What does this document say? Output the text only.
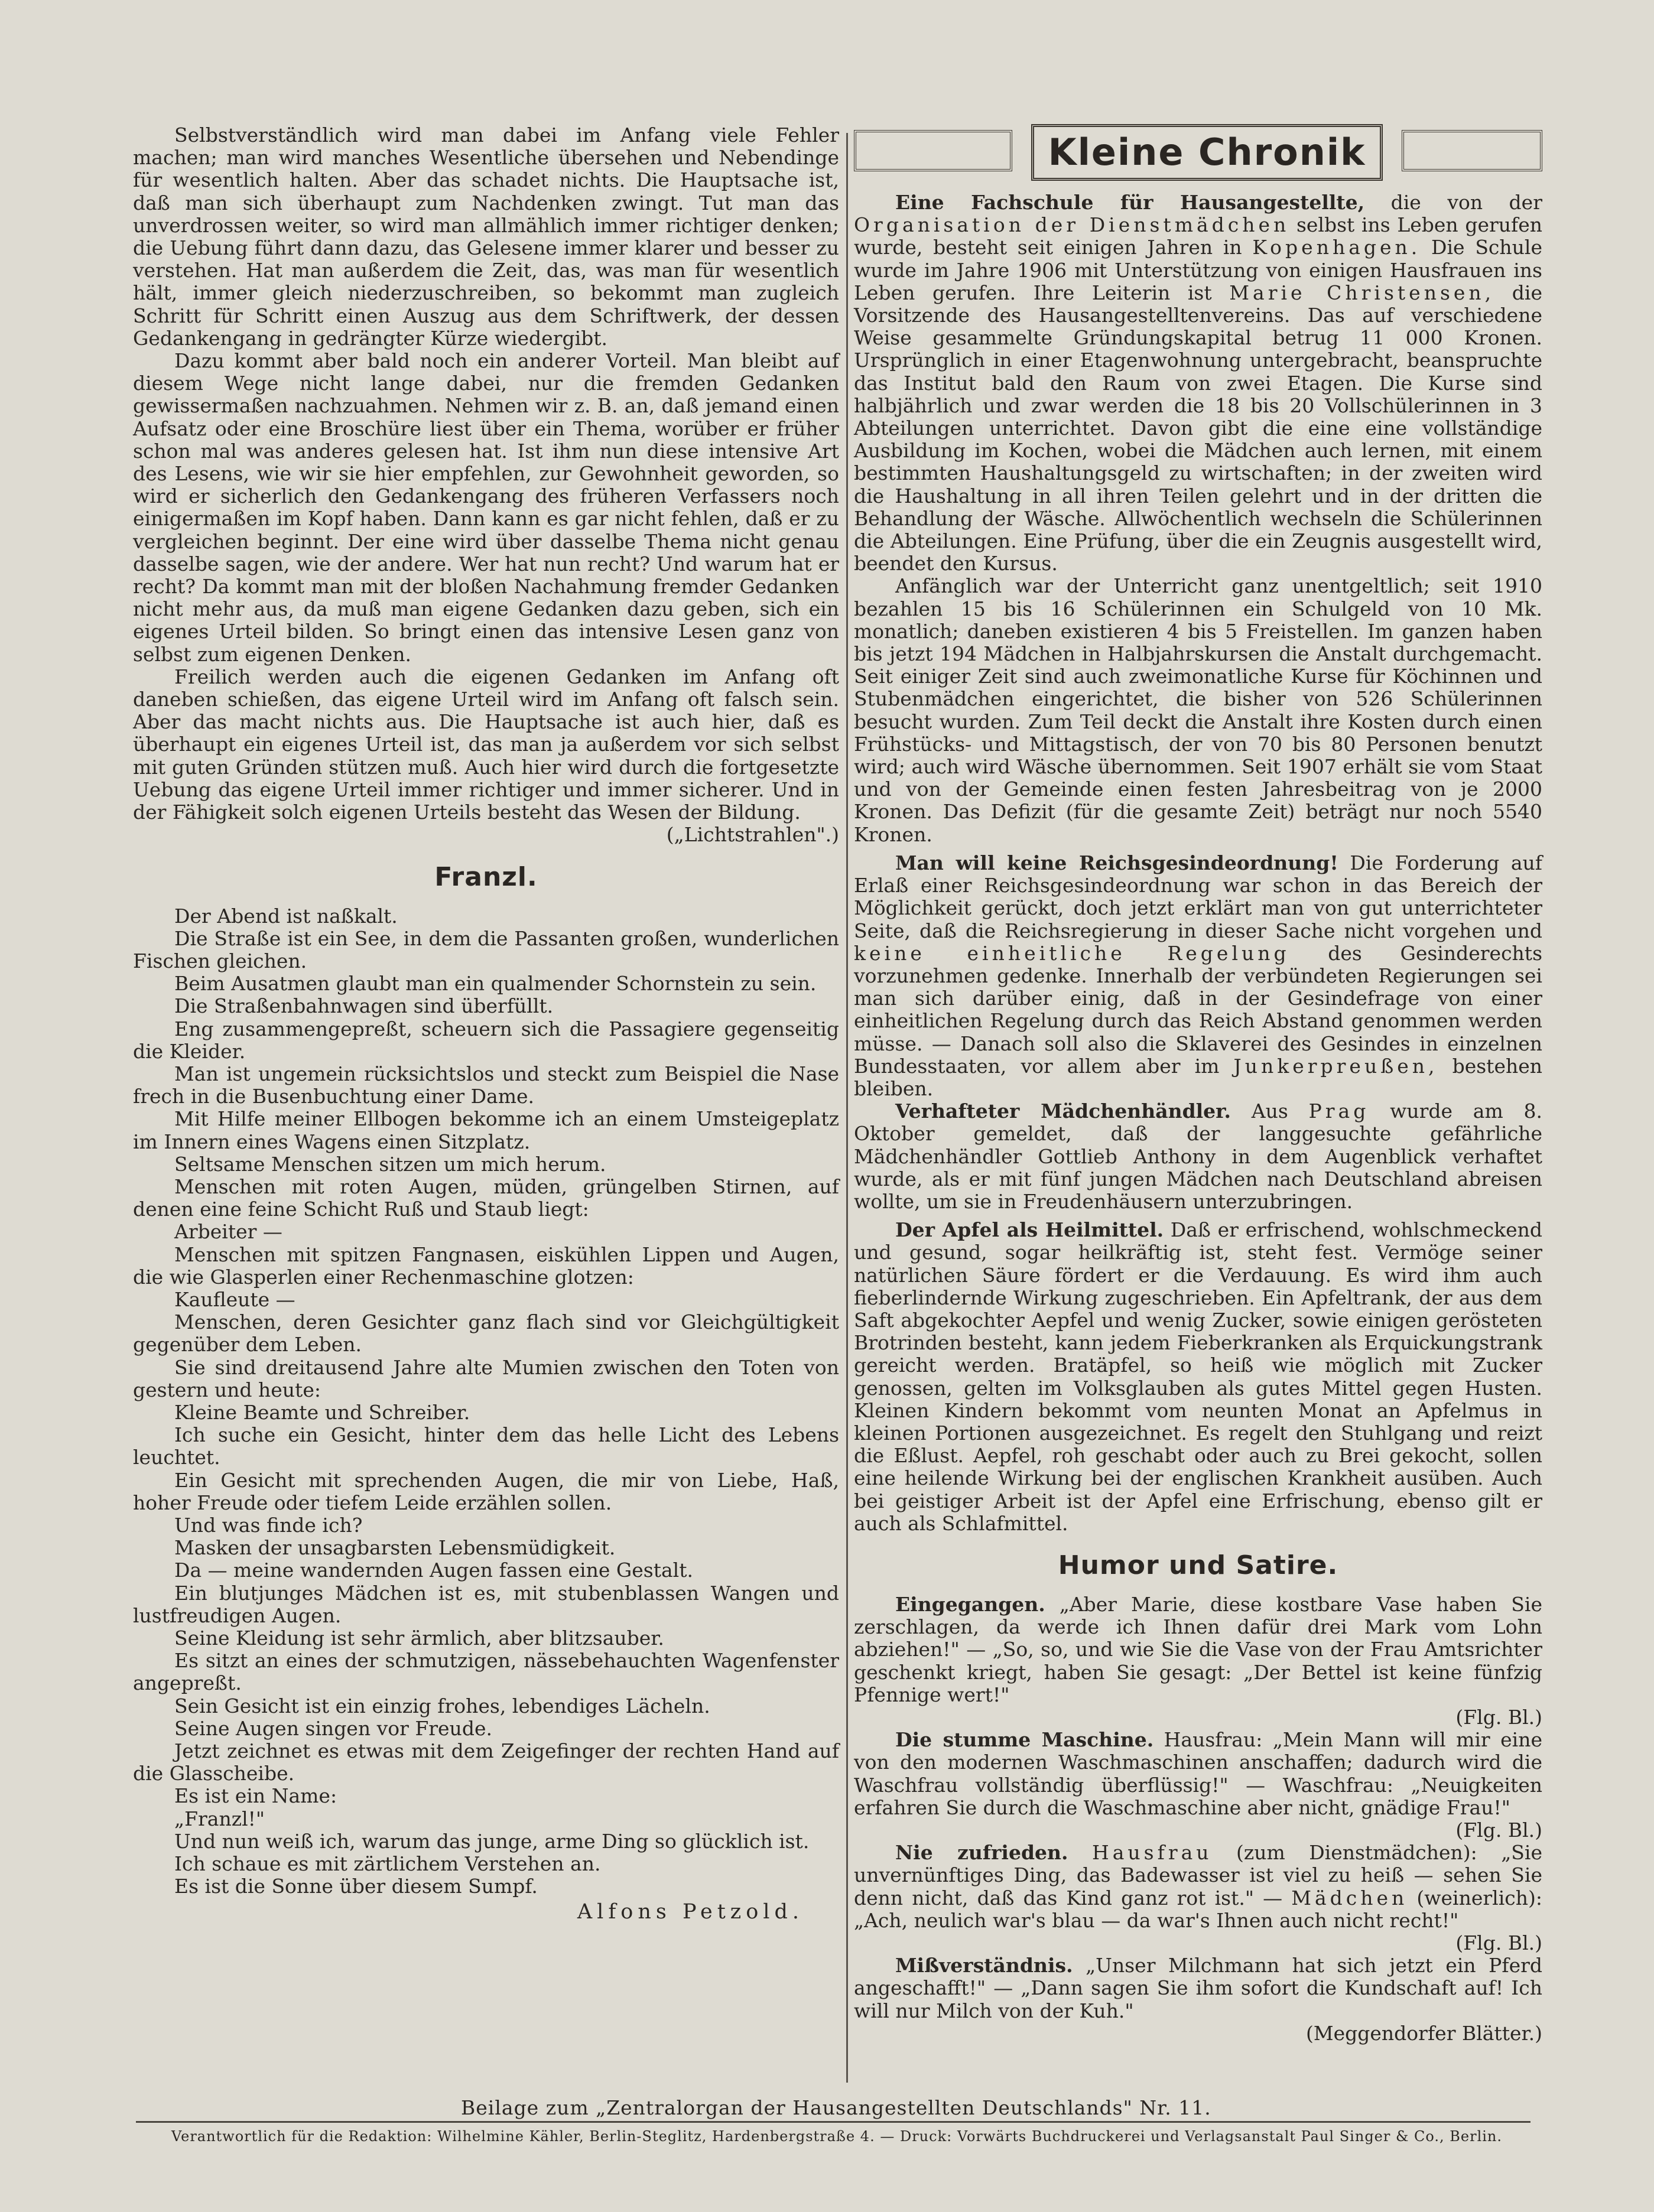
Selbstverständlich wird man dabei im Anfang viele Fehler machen; man wird manches Wesentliche übersehen und Nebendinge für wesentlich halten. Aber das schadet nichts. Die Hauptsache ist, daß man sich überhaupt zum Nachdenken zwingt. Tut man das unverdrossen weiter, so wird man allmählich immer richtiger denken; die Uebung führt dann dazu, das Gelesene immer klarer und besser zu verstehen. Hat man außerdem die Zeit, das, was man für wesentlich hält, immer gleich niederzuschreiben, so bekommt man zugleich Schritt für Schritt einen Auszug aus dem Schriftwerk, der dessen Gedankengang in gedrängter Kürze wiedergibt.

Dazu kommt aber bald noch ein anderer Vorteil. Man bleibt auf diesem Wege nicht lange dabei, nur die fremden Gedanken gewissermaßen nachzuahmen. Nehmen wir z. B. an, daß jemand einen Aufsatz oder eine Broschüre liest über ein Thema, worüber er früher schon mal was anderes gelesen hat. Ist ihm nun diese intensive Art des Lesens, wie wir sie hier empfehlen, zur Gewohnheit geworden, so wird er sicherlich den Gedankengang des früheren Verfassers noch einigermaßen im Kopf haben. Dann kann es gar nicht fehlen, daß er zu vergleichen beginnt. Der eine wird über dasselbe Thema nicht genau dasselbe sagen, wie der andere. Wer hat nun recht? Und warum hat er recht? Da kommt man mit der bloßen Nachahmung fremder Gedanken nicht mehr aus, da muß man eigene Gedanken dazu geben, sich ein eigenes Urteil bilden. So bringt einen das intensive Lesen ganz von selbst zum eigenen Denken.

Freilich werden auch die eigenen Gedanken im Anfang oft daneben schießen, das eigene Urteil wird im Anfang oft falsch sein. Aber das macht nichts aus. Die Hauptsache ist auch hier, daß es überhaupt ein eigenes Urteil ist, das man ja außerdem vor sich selbst mit guten Gründen stützen muß. Auch hier wird durch die fortgesetzte Uebung das eigene Urteil immer richtiger und immer sicherer. Und in der Fähigkeit solch eigenen Urteils besteht das Wesen der Bildung.
(„Lichtstrahlen".)

Franzl.

Der Abend ist naßkalt.

Die Straße ist ein See, in dem die Passanten großen, wunderlichen Fischen gleichen.

Beim Ausatmen glaubt man ein qualmender Schornstein zu sein.

Die Straßenbahnwagen sind überfüllt.

Eng zusammengepreßt, scheuern sich die Passagiere gegenseitig die Kleider.

Man ist ungemein rücksichtslos und steckt zum Beispiel die Nase frech in die Busenbuchtung einer Dame.

Mit Hilfe meiner Ellbogen bekomme ich an einem Umsteigeplatz im Innern eines Wagens einen Sitzplatz.

Seltsame Menschen sitzen um mich herum.

Menschen mit roten Augen, müden, grüngelben Stirnen, auf denen eine feine Schicht Ruß und Staub liegt:

Arbeiter —

Menschen mit spitzen Fangnasen, eiskühlen Lippen und Augen, die wie Glasperlen einer Rechenmaschine glotzen:

Kaufleute —

Menschen, deren Gesichter ganz flach sind vor Gleichgültigkeit gegenüber dem Leben.

Sie sind dreitausend Jahre alte Mumien zwischen den Toten von gestern und heute:

Kleine Beamte und Schreiber.

Ich suche ein Gesicht, hinter dem das helle Licht des Lebens leuchtet.

Ein Gesicht mit sprechenden Augen, die mir von Liebe, Haß, hoher Freude oder tiefem Leide erzählen sollen.

Und was finde ich?

Masken der unsagbarsten Lebensmüdigkeit.

Da — meine wandernden Augen fassen eine Gestalt.

Ein blutjunges Mädchen ist es, mit stubenblassen Wangen und lustfreudigen Augen.

Seine Kleidung ist sehr ärmlich, aber blitzsauber.

Es sitzt an eines der schmutzigen, nässebehauchten Wagenfenster angepreßt.

Sein Gesicht ist ein einzig frohes, lebendiges Lächeln.

Seine Augen singen vor Freude.

Jetzt zeichnet es etwas mit dem Zeigefinger der rechten Hand auf die Glasscheibe.

Es ist ein Name:

„Franzl!"

Und nun weiß ich, warum das junge, arme Ding so glücklich ist.

Ich schaue es mit zärtlichem Verstehen an.

Es ist die Sonne über diesem Sumpf.

Alfons Petzold.
Kleine Chronik

Eine Fachschule für Hausangestellte, die von der Organisation der Dienstmädchen selbst ins Leben gerufen wurde, besteht seit einigen Jahren in Kopenhagen. Die Schule wurde im Jahre 1906 mit Unterstützung von einigen Hausfrauen ins Leben gerufen. Ihre Leiterin ist Marie Christensen, die Vorsitzende des Hausangestelltenvereins. Das auf verschiedene Weise gesammelte Gründungskapital betrug 11 000 Kronen. Ursprünglich in einer Etagenwohnung untergebracht, beanspruchte das Institut bald den Raum von zwei Etagen. Die Kurse sind halbjährlich und zwar werden die 18 bis 20 Vollschülerinnen in 3 Abteilungen unterrichtet. Davon gibt die eine eine vollständige Ausbildung im Kochen, wobei die Mädchen auch lernen, mit einem bestimmten Haushaltungsgeld zu wirtschaften; in der zweiten wird die Haushaltung in all ihren Teilen gelehrt und in der dritten die Behandlung der Wäsche. Allwöchentlich wechseln die Schülerinnen die Abteilungen. Eine Prüfung, über die ein Zeugnis ausgestellt wird, beendet den Kursus.

Anfänglich war der Unterricht ganz unentgeltlich; seit 1910 bezahlen 15 bis 16 Schülerinnen ein Schulgeld von 10 Mk. monatlich; daneben existieren 4 bis 5 Freistellen. Im ganzen haben bis jetzt 194 Mädchen in Halbjahrskursen die Anstalt durchgemacht. Seit einiger Zeit sind auch zweimonatliche Kurse für Köchinnen und Stubenmädchen eingerichtet, die bisher von 526 Schülerinnen besucht wurden. Zum Teil deckt die Anstalt ihre Kosten durch einen Frühstücks- und Mittagstisch, der von 70 bis 80 Personen benutzt wird; auch wird Wäsche übernommen. Seit 1907 erhält sie vom Staat und von der Gemeinde einen festen Jahresbeitrag von je 2000 Kronen. Das Defizit (für die gesamte Zeit) beträgt nur noch 5540 Kronen.

Man will keine Reichsgesindeordnung! Die Forderung auf Erlaß einer Reichsgesindeordnung war schon in das Bereich der Möglichkeit gerückt, doch jetzt erklärt man von gut unterrichteter Seite, daß die Reichsregierung in dieser Sache nicht vorgehen und keine einheitliche Regelung des Gesinderechts vorzunehmen gedenke. Innerhalb der verbündeten Regierungen sei man sich darüber einig, daß in der Gesindefrage von einer einheitlichen Regelung durch das Reich Abstand genommen werden müsse. — Danach soll also die Sklaverei des Gesindes in einzelnen Bundesstaaten, vor allem aber im Junkerpreußen, bestehen bleiben.

Verhafteter Mädchenhändler. Aus Prag wurde am 8. Oktober gemeldet, daß der langgesuchte gefährliche Mädchenhändler Gottlieb Anthony in dem Augenblick verhaftet wurde, als er mit fünf jungen Mädchen nach Deutschland abreisen wollte, um sie in Freudenhäusern unterzubringen.

Der Apfel als Heilmittel. Daß er erfrischend, wohlschmeckend und gesund, sogar heilkräftig ist, steht fest. Vermöge seiner natürlichen Säure fördert er die Verdauung. Es wird ihm auch fieberlindernde Wirkung zugeschrieben. Ein Apfeltrank, der aus dem Saft abgekochter Aepfel und wenig Zucker, sowie einigen gerösteten Brotrinden besteht, kann jedem Fieberkranken als Erquickungstrank gereicht werden. Bratäpfel, so heiß wie möglich mit Zucker genossen, gelten im Volksglauben als gutes Mittel gegen Husten. Kleinen Kindern bekommt vom neunten Monat an Apfelmus in kleinen Portionen ausgezeichnet. Es regelt den Stuhlgang und reizt die Eßlust. Aepfel, roh geschabt oder auch zu Brei gekocht, sollen eine heilende Wirkung bei der englischen Krankheit ausüben. Auch bei geistiger Arbeit ist der Apfel eine Erfrischung, ebenso gilt er auch als Schlafmittel.

Humor und Satire.

Eingegangen. „Aber Marie, diese kostbare Vase haben Sie zerschlagen, da werde ich Ihnen dafür drei Mark vom Lohn abziehen!" — „So, so, und wie Sie die Vase von der Frau Amtsrichter geschenkt kriegt, haben Sie gesagt: „Der Bettel ist keine fünfzig Pfennige wert!"
(Flg. Bl.)

Die stumme Maschine. Hausfrau: „Mein Mann will mir eine von den modernen Waschmaschinen anschaffen; dadurch wird die Waschfrau vollständig überflüssig!" — Waschfrau: „Neuigkeiten erfahren Sie durch die Waschmaschine aber nicht, gnädige Frau!"
(Flg. Bl.)

Nie zufrieden. Hausfrau (zum Dienstmädchen): „Sie unvernünftiges Ding, das Badewasser ist viel zu heiß — sehen Sie denn nicht, daß das Kind ganz rot ist." — Mädchen (weinerlich): „Ach, neulich war's blau — da war's Ihnen auch nicht recht!"
(Flg. Bl.)

Mißverständnis. „Unser Milchmann hat sich jetzt ein Pferd angeschafft!" — „Dann sagen Sie ihm sofort die Kundschaft auf! Ich will nur Milch von der Kuh."
(Meggendorfer Blätter.)

Beilage zum „Zentralorgan der Hausangestellten Deutschlands" Nr. 11.
Verantwortlich für die Redaktion: Wilhelmine Kähler, Berlin-Steglitz, Hardenbergstraße 4. — Druck: Vorwärts Buchdruckerei und Verlagsanstalt Paul Singer & Co., Berlin.
